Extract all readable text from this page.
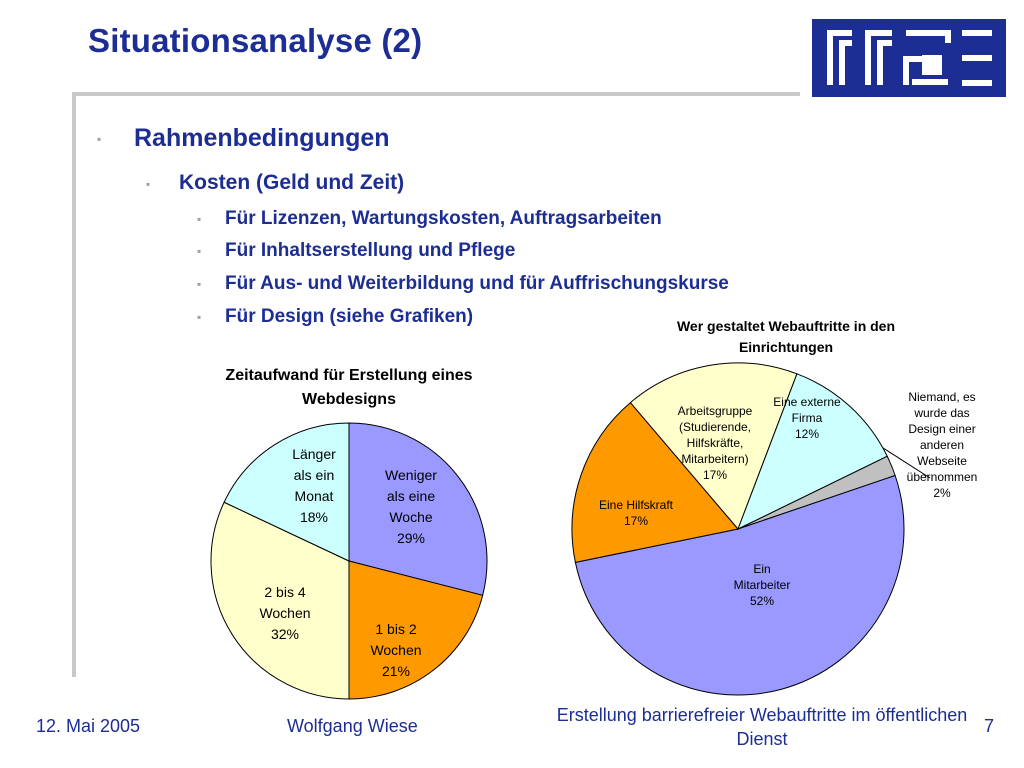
Situationsanalyse (2)
▪ Rahmenbedingungen
▪ Kosten (Geld und Zeit)
▪ Für Lizenzen, Wartungskosten, Auftragsarbeiten
▪ Für Inhaltserstellung und Pflege
▪ Für Aus- und Weiterbildung und für Auffrischungskurse
▪ Für Design (siehe Grafiken)
Zeitaufwand für Erstellung eines Webdesigns
Weniger als eine Woche 29%
1 bis 2 Wochen 21%
2 bis 4 Wochen 32%
Länger als ein Monat 18%
Wer gestaltet Webauftritte in den Einrichtungen
Niemand, es wurde das Design einer anderen Webseite übernommen 2%
Ein Mitarbeiter 52%
Eine Hilfskraft 17%
Arbeitsgruppe (Studierende, Hilfskräfte, Mitarbeitern) 17%
Eine externe Firma 12%
12. Mai 2005	Wolfgang Wiese
Erstellung barrierefreier Webauftritte im öffentlichen Dienst
7
